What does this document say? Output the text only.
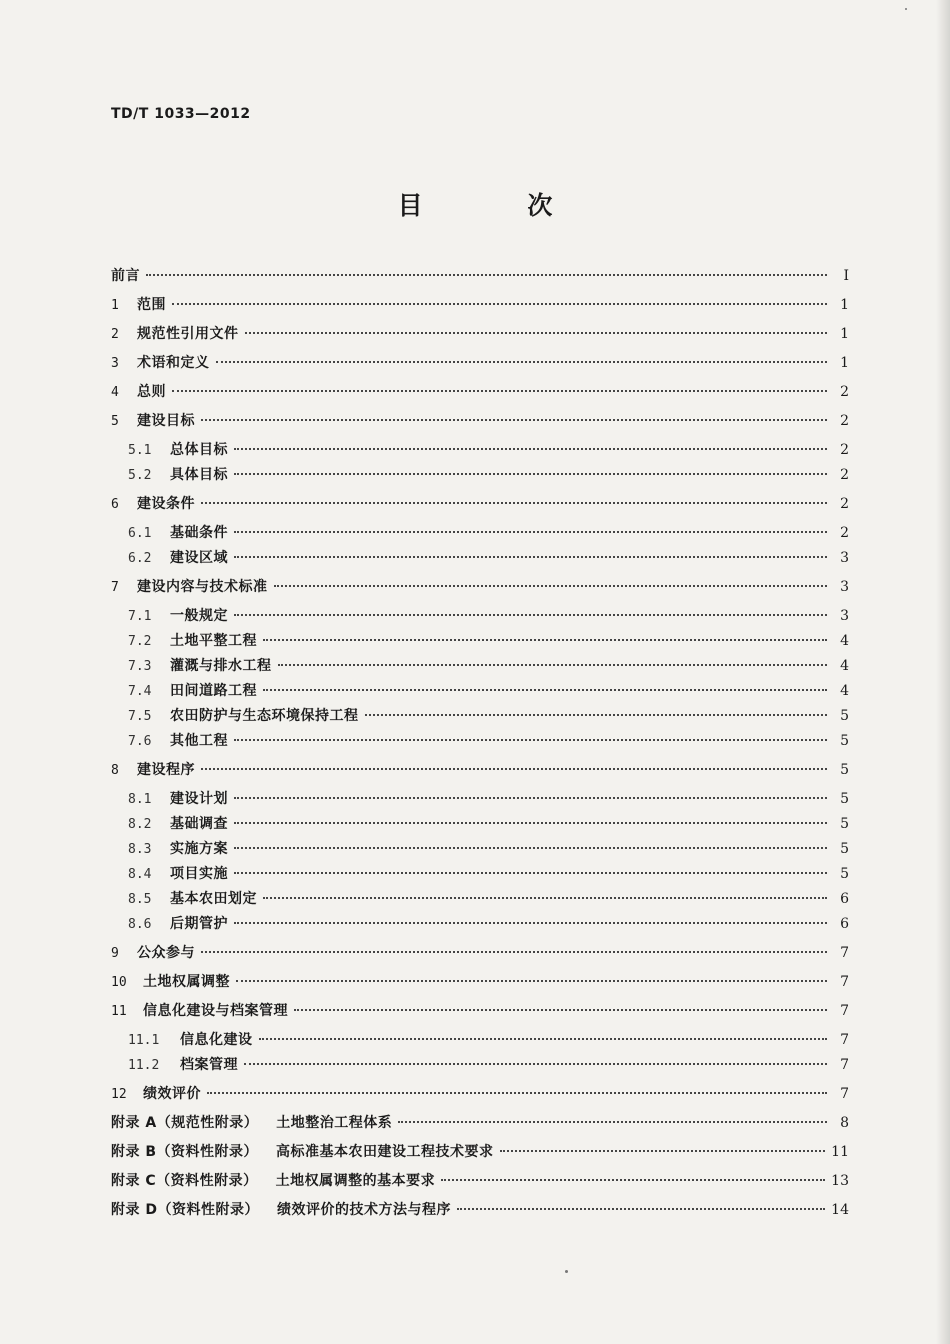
TD/T 1033—2012
目 次
前言	I
1	范围	1
2	规范性引用文件	1
3	术语和定义	1
4	总则	2
5	建设目标	2
5.1	总体目标	2
5.2	具体目标	2
6	建设条件	2
6.1	基础条件	2
6.2	建设区域	3
7	建设内容与技术标准	3
7.1	一般规定	3
7.2	土地平整工程	4
7.3	灌溉与排水工程	4
7.4	田间道路工程	4
7.5	农田防护与生态环境保持工程	5
7.6	其他工程	5
8	建设程序	5
8.1	建设计划	5
8.2	基础调查	5
8.3	实施方案	5
8.4	项目实施	5
8.5	基本农田划定	6
8.6	后期管护	6
9	公众参与	7
10	土地权属调整	7
11	信息化建设与档案管理	7
11.1	信息化建设	7
11.2	档案管理	7
12	绩效评价	7
附录 A（规范性附录） 土地整治工程体系	8
附录 B（资料性附录） 高标准基本农田建设工程技术要求	11
附录 C（资料性附录） 土地权属调整的基本要求	13
附录 D（资料性附录） 绩效评价的技术方法与程序	14
